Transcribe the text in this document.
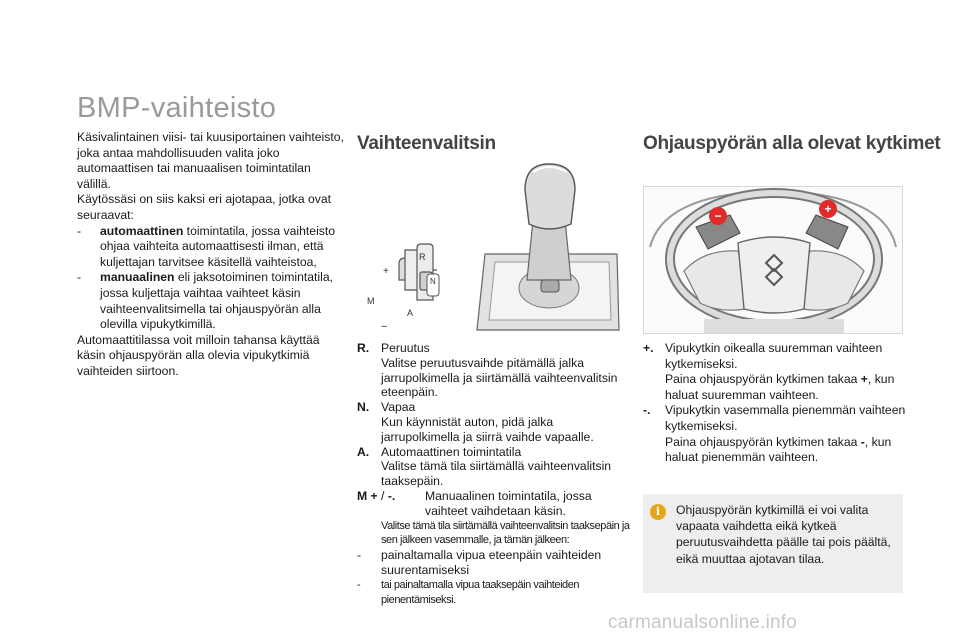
BMP-vaihteisto

Käsivalintainen viisi- tai kuusiportainen vaihteisto, joka antaa mahdollisuuden valita joko automaattisen tai manuaalisen toimintatilan välillä.

Käytössäsi on siis kaksi eri ajotapaa, jotka ovat seuraavat:

-	automaattinen toimintatila, jossa vaihteisto ohjaa vaihteita automaattisesti ilman, että kuljettajan tarvitsee käsitellä vaihteistoa,
-	manuaalinen eli jaksotoiminen toimintatila, jossa kuljettaja vaihtaa vaihteet käsin vaihteenvalitsimella tai ohjauspyörän alla olevilla vipukytkimillä.

Automaattitilassa voit milloin tahansa käyttää käsin ohjauspyörän alla olevia vipukytkimiä vaihteiden siirtoon.

Vaihteenvalitsin
+
R
M
N
−
A
R. Peruutus
Valitse peruutusvaihde pitämällä jalka jarrupolkimella ja siirtämällä vaihteenvalitsin eteenpäin.
N. Vapaa
Kun käynnistät auton, pidä jalka jarrupolkimella ja siirrä vaihde vapaalle.
A. Automaattinen toimintatila
Valitse tämä tila siirtämällä vaihteenvalitsin taaksepäin.
M + / -.	Manuaalinen toimintatila, jossa vaihteet vaihdetaan käsin.
Valitse tämä tila siirtämällä vaihteenvalitsin taaksepäin ja sen jälkeen vasemmalle, ja tämän jälkeen:
-	painaltamalla vipua eteenpäin vaihteiden suurentamiseksi
-	tai painaltamalla vipua taaksepäin vaihteiden pienentämiseksi.
Ohjauspyörän alla olevat kytkimet
−	+
+. Vipukytkin oikealla suuremman vaihteen kytkemiseksi.
Paina ohjauspyörän kytkimen takaa +, kun haluat suuremman vaihteen.
-.	Vipukytkin vasemmalla pienemmän vaihteen kytkemiseksi.
Paina ohjauspyörän kytkimen takaa -, kun haluat pienemmän vaihteen.
i	Ohjauspyörän kytkimillä ei voi valita vapaata vaihdetta eikä kytkeä peruutusvaihdetta päälle tai pois päältä, eikä muuttaa ajotavan tilaa.
carmanualsonline.info
